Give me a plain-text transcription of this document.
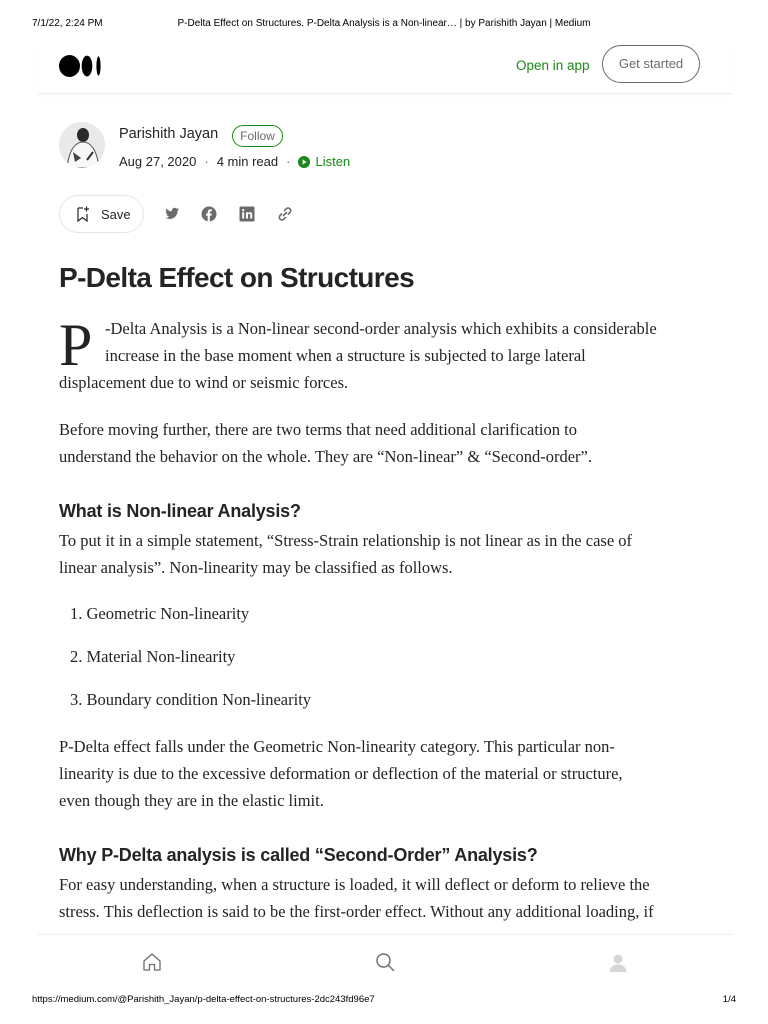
7/1/22, 2:24 PM	P-Delta Effect on Structures. P-Delta Analysis is a Non-linear… | by Parishith Jayan | Medium
Open in app	Get started
Parishith Jayan	Follow
Aug 27, 2020 · 4 min read · Listen
Save
P-Delta Effect on Structures
P -Delta Analysis is a Non-linear second-order analysis which exhibits a considerable
increase in the base moment when a structure is subjected to large lateral
displacement due to wind or seismic forces.
Before moving further, there are two terms that need additional clarification to
understand the behavior on the whole. They are “Non-linear” & “Second-order”.
What is Non-linear Analysis?
To put it in a simple statement, “Stress-Strain relationship is not linear as in the case of
linear analysis”. Non-linearity may be classified as follows.
1. Geometric Non-linearity
2. Material Non-linearity
3. Boundary condition Non-linearity
P-Delta effect falls under the Geometric Non-linearity category. This particular non-
linearity is due to the excessive deformation or deflection of the material or structure,
even though they are in the elastic limit.
Why P-Delta analysis is called “Second-Order” Analysis?
For easy understanding, when a structure is loaded, it will deflect or deform to relieve the
stress. This deflection is said to be the first-order effect. Without any additional loading, if
https://medium.com/@Parishith_Jayan/p-delta-effect-on-structures-2dc243fd96e7	1/4
